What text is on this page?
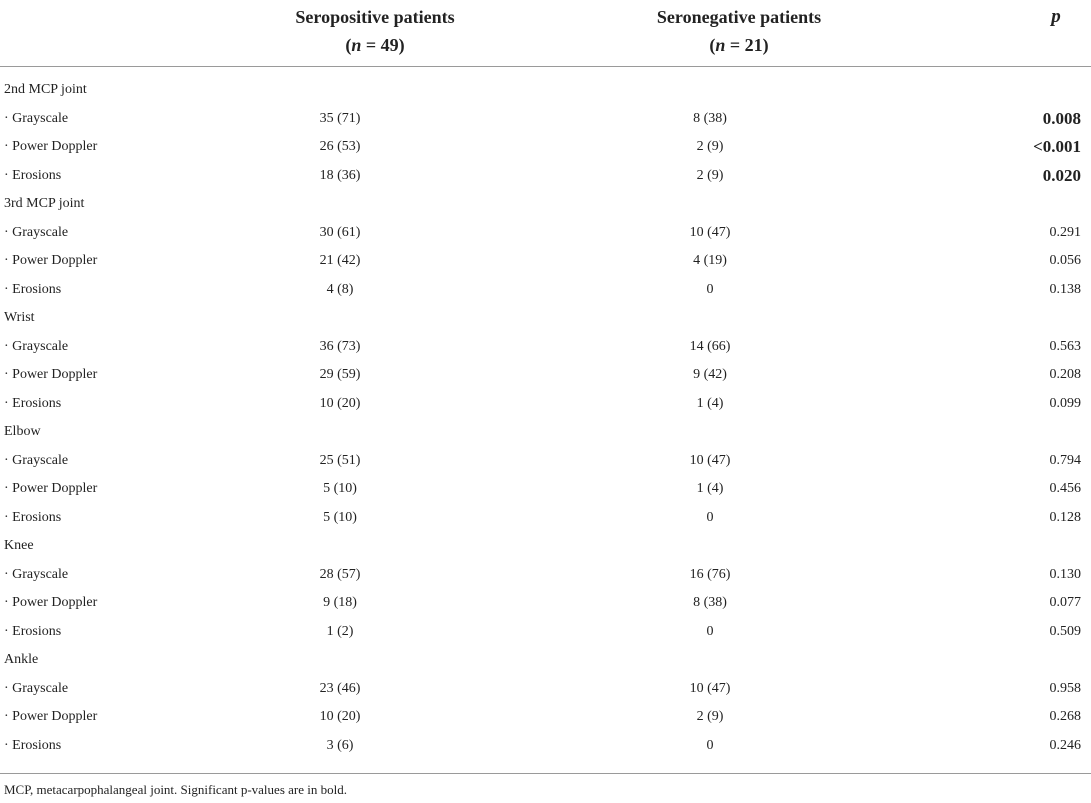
Seropositive patients
(n = 49)
Seronegative patients
(n = 21)
p
2nd MCP joint
· Grayscale	35 (71)	8 (38)	0.008
· Power Doppler	26 (53)	2 (9)	<0.001
· Erosions	18 (36)	2 (9)	0.020
3rd MCP joint
· Grayscale	30 (61)	10 (47)	0.291
· Power Doppler	21 (42)	4 (19)	0.056
· Erosions	4 (8)	0	0.138
Wrist
· Grayscale	36 (73)	14 (66)	0.563
· Power Doppler	29 (59)	9 (42)	0.208
· Erosions	10 (20)	1 (4)	0.099
Elbow
· Grayscale	25 (51)	10 (47)	0.794
· Power Doppler	5 (10)	1 (4)	0.456
· Erosions	5 (10)	0	0.128
Knee
· Grayscale	28 (57)	16 (76)	0.130
· Power Doppler	9 (18)	8 (38)	0.077
· Erosions	1 (2)	0	0.509
Ankle
· Grayscale	23 (46)	10 (47)	0.958
· Power Doppler	10 (20)	2 (9)	0.268
· Erosions	3 (6)	0	0.246
MCP, metacarpophalangeal joint. Significant p-values are in bold.
